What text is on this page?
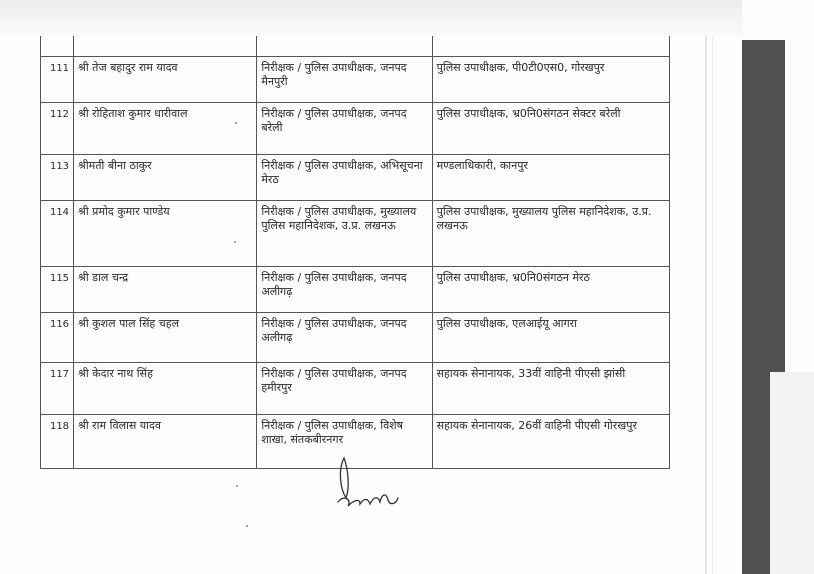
111	श्री तेज बहादुर राम यादव	निरीक्षक / पुलिस उपाधीक्षक, जनपद मैनपुरी	पुलिस उपाधीक्षक, पी0टी0एस0, गोरखपुर
112	श्री रोहिताश कुमार धारीवाल	निरीक्षक / पुलिस उपाधीक्षक, जनपद बरेली	पुलिस उपाधीक्षक, भ्र0नि0संगठन सेक्टर बरेली
113	श्रीमती बीना ठाकुर	निरीक्षक / पुलिस उपाधीक्षक, अभिसूचना मेरठ	मण्डलाधिकारी, कानपुर
114	श्री प्रमोद कुमार पाण्डेय	निरीक्षक / पुलिस उपाधीक्षक, मुख्यालय पुलिस महानिदेशक, उ.प्र. लखनऊ	पुलिस उपाधीक्षक, मुख्यालय पुलिस महानिदेशक, उ.प्र. लखनऊ
115	श्री डाल चन्द्र	निरीक्षक / पुलिस उपाधीक्षक, जनपद अलीगढ़	पुलिस उपाधीक्षक, भ्र0नि0संगठन मेरठ
116	श्री कुशल पाल सिंह चहल	निरीक्षक / पुलिस उपाधीक्षक, जनपद अलीगढ़	पुलिस उपाधीक्षक, एलआईयू आगरा
117	श्री केदार नाथ सिंह	निरीक्षक / पुलिस उपाधीक्षक, जनपद हमीरपुर	सहायक सेनानायक, 33वीं वाहिनी पीएसी झांसी
118	श्री राम विलास यादव	निरीक्षक / पुलिस उपाधीक्षक, विशेष शाखा, संतकबीरनगर	सहायक सेनानायक, 26वीं वाहिनी पीएसी गोरखपुर
